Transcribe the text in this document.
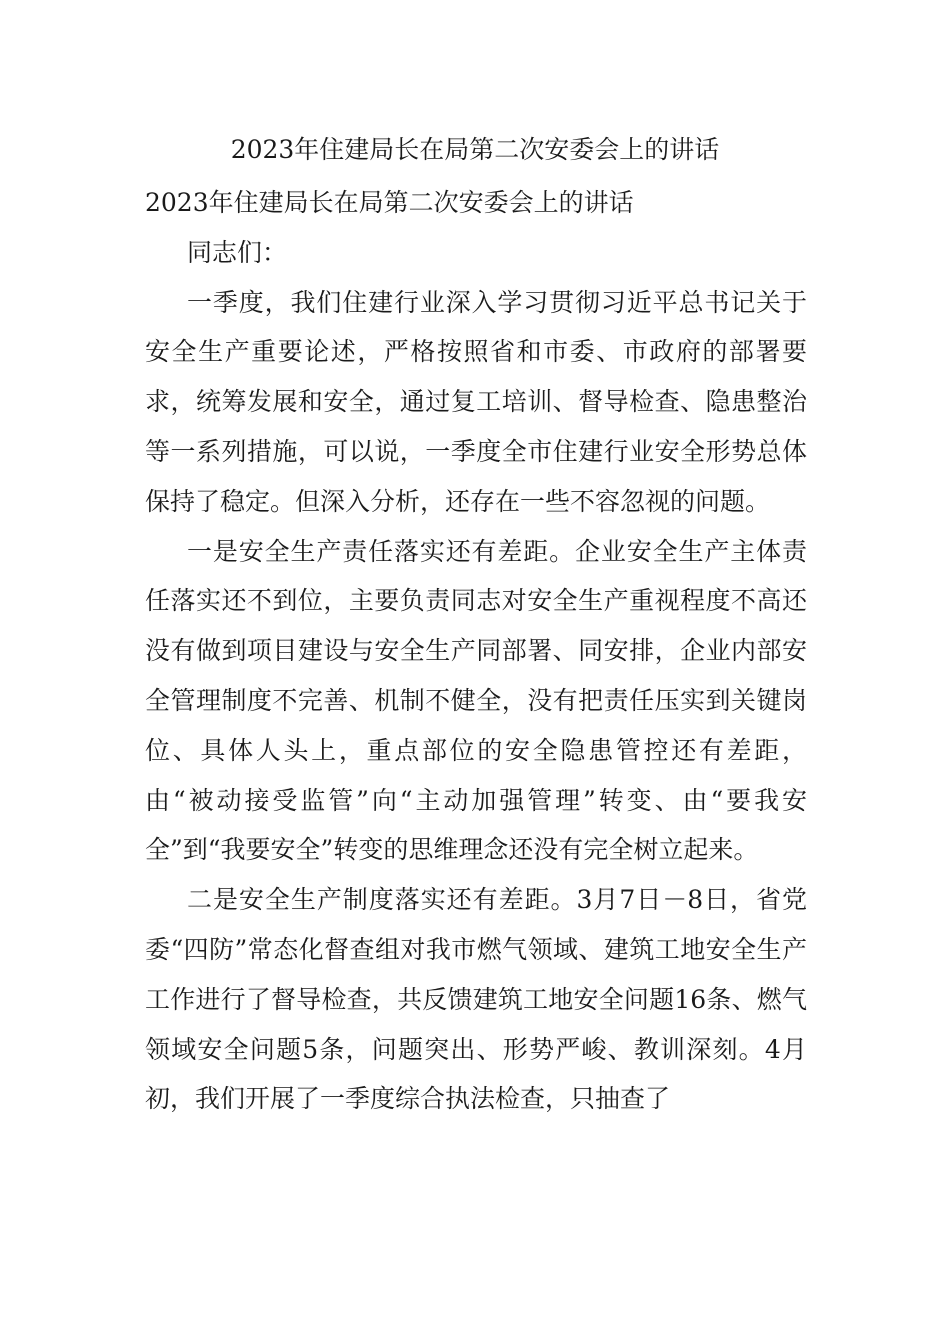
2023年住建局长在局第二次安委会上的讲话

2023年住建局长在局第二次安委会上的讲话

同志们：

一季度，我们住建行业深入学习贯彻习近平总书记关于安全生产重要论述，严格按照省和市委、市政府的部署要求，统筹发展和安全，通过复工培训、督导检查、隐患整治等一系列措施，可以说，一季度全市住建行业安全形势总体保持了稳定。但深入分析，还存在一些不容忽视的问题。

一是安全生产责任落实还有差距。企业安全生产主体责任落实还不到位，主要负责同志对安全生产重视程度不高还没有做到项目建设与安全生产同部署、同安排，企业内部安全管理制度不完善、机制不健全，没有把责任压实到关键岗位、具体人头上，重点部位的安全隐患管控还有差距，由“被动接受监管”向“主动加强管理”转变、由“要我安全”到“我要安全”转变的思维理念还没有完全树立起来。

二是安全生产制度落实还有差距。3月7日－8日，省党委“四防”常态化督查组对我市燃气领域、建筑工地安全生产工作进行了督导检查，共反馈建筑工地安全问题16条、燃气领域安全问题5条，问题突出、形势严峻、教训深刻。4月初，我们开展了一季度综合执法检查，只抽查了
